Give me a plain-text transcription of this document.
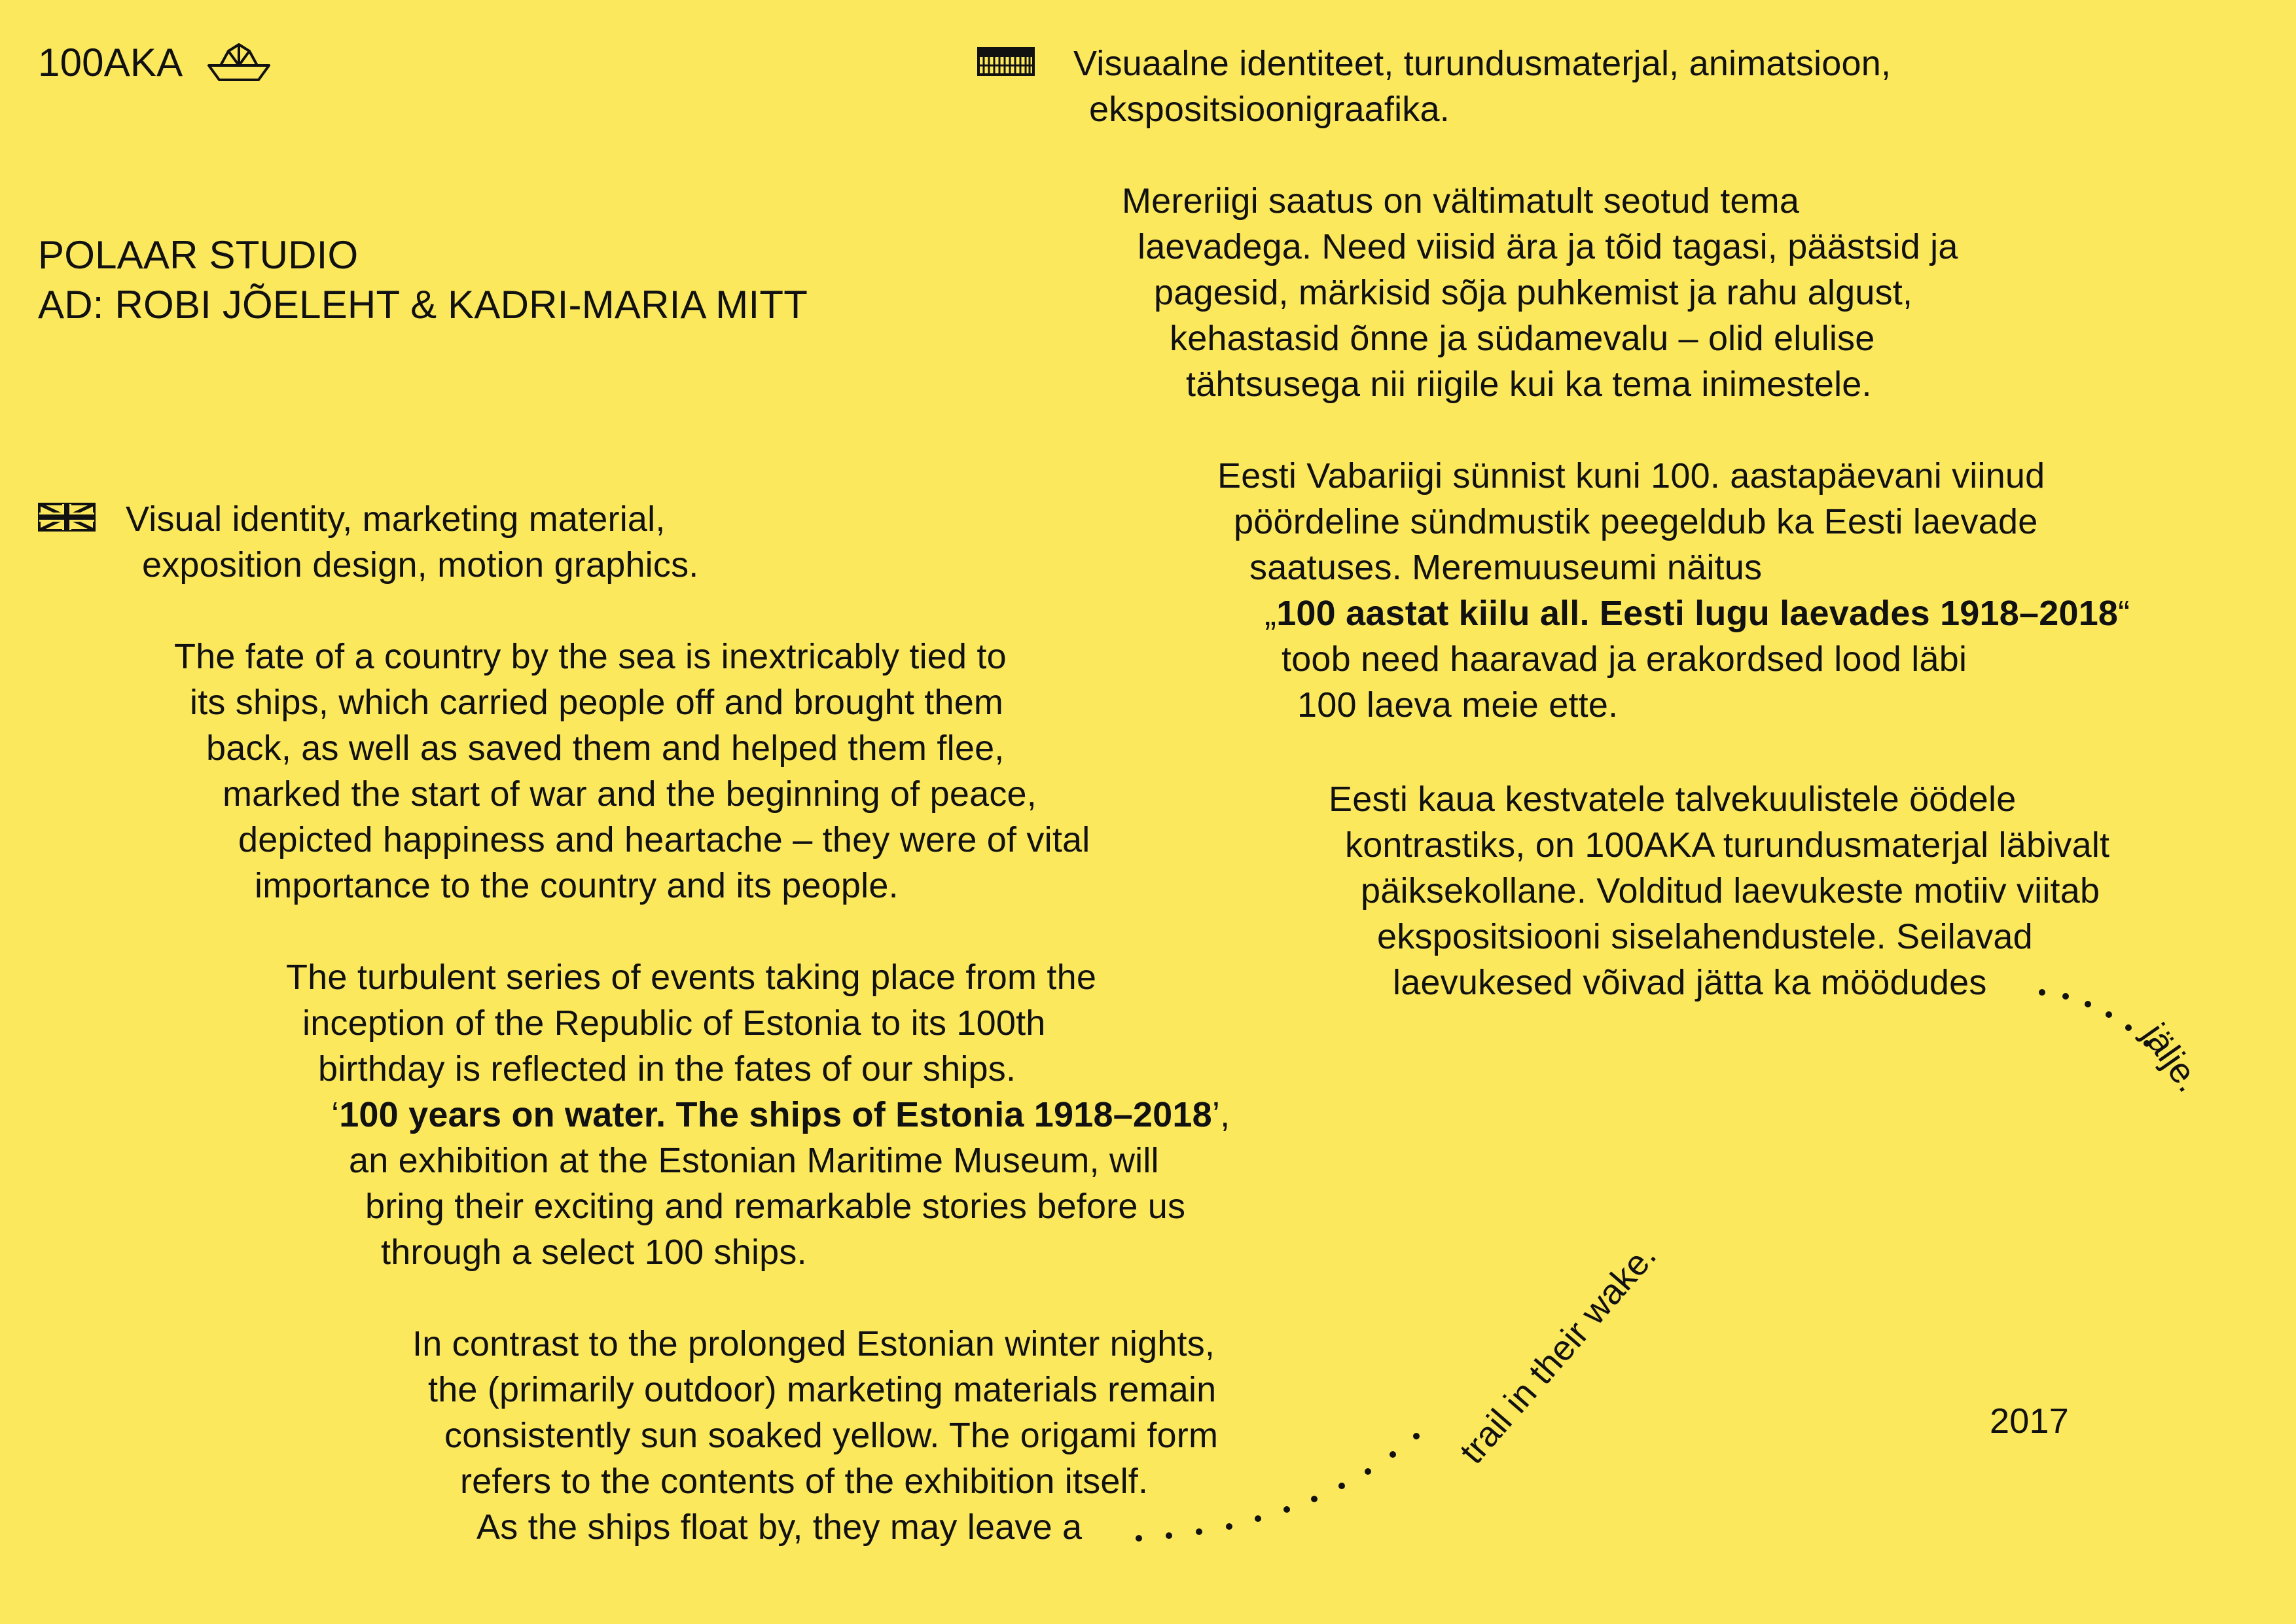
100AKA
POLAAR STUDIO
AD: ROBI JÕELEHT & KADRI-MARIA MITT
Visual identity, marketing material,
exposition design, motion graphics.
The fate of a country by the sea is inextricably tied to
its ships, which carried people off and brought them
back, as well as saved them and helped them flee,
marked the start of war and the beginning of peace,
depicted happiness and heartache – they were of vital
importance to the country and its people.
The turbulent series of events taking place from the
inception of the Republic of Estonia to its 100th
birthday is reflected in the fates of our ships.
‘100 years on water. The ships of Estonia 1918–2018’,
an exhibition at the Estonian Maritime Museum, will
bring their exciting and remarkable stories before us
through a select 100 ships.
In contrast to the prolonged Estonian winter nights,
the (primarily outdoor) marketing materials remain
consistently sun soaked yellow. The origami form
refers to the contents of the exhibition itself.
As the ships float by, they may leave a
Visuaalne identiteet, turundusmaterjal, animatsioon,
ekspositsioonigraafika.
Mereriigi saatus on vältimatult seotud tema
laevadega. Need viisid ära ja tõid tagasi, päästsid ja
pagesid, märkisid sõja puhkemist ja rahu algust,
kehastasid õnne ja südamevalu – olid elulise
tähtsusega nii riigile kui ka tema inimestele.
Eesti Vabariigi sünnist kuni 100. aastapäevani viinud
pöördeline sündmustik peegeldub ka Eesti laevade
saatuses. Meremuuseumi näitus
„100 aastat kiilu all. Eesti lugu laevades 1918–2018“
toob need haaravad ja erakordsed lood läbi
100 laeva meie ette.
Eesti kaua kestvatele talvekuulistele öödele
kontrastiks, on 100AKA turundusmaterjal läbivalt
päiksekollane. Volditud laevukeste motiiv viitab
ekspositsiooni siselahendustele. Seilavad
laevukesed võivad jätta ka möödudes
2017
trail in their wake.
jälje.
